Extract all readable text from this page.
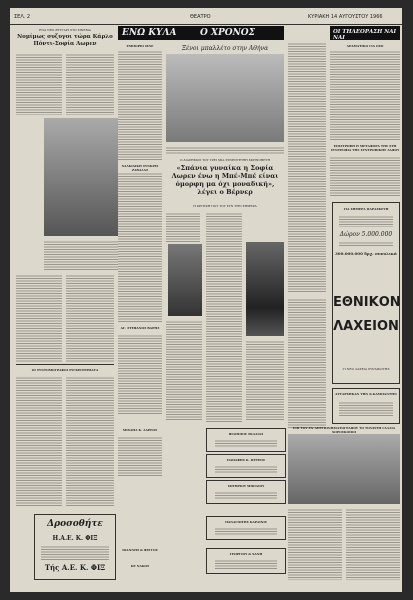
ΣΕΛ. 2	ΘΕΑΤΡΟ	ΚΥΡΙΑΚΗ 14 ΑΥΓΟΥΣΤΟΥ 1966
ΕΝΑ ΝΕΟ ΖΕΥΓΑΡΙ ΣΤΟ ΣΙΝΕΜΑ
Νομίμως συζυγοι τώρα Κάρλο Πόντι-Σοφία Λωρεν
ΟΙ ΣΥΝΤΟΜΟΓΡΑΦΟΙ ΣΥΓΚΡΟΤΗΜΑΤΑ
Δροσοθήτε
Η.Α.Ε. Κ. ΦΙΞ
Τής Α.Ε. Κ. ΦΙΞ
ΕΝΩ ΚΥΛΑ	Ο ΧΡΟΝΟΣ
ΕΜΠΟΡΙΟ ΣΙΝΕ
ΧΑΛΚΙΔΙΚΗ ΣΥΝΚΡΙΣ ΖΑΒΑΛΑΣ
ΑΓ. ΣΤΕΦΑΝΟΣ ΒΑΡΗΣ
ΜΙΧΑΗΛ Κ. ΛΑΡΕΟΣ
ΙΩΑΝΝΗΣ & ΦΕΓΓΟΣ
ΚΕ ΝΑΚΟΣ
Ξένοι μπαλλέτο στην Αθήνα
Ο ΔΙΑΣΗΜΟΣ ΤΟΥ ΤΡΕΙ ΜΙΑ ΣΥΝΕΝΤΕΥΞΗ ΣΚΗΝΟΘΕΤΗ
«Σπάνια γυναίκα η Σοφία Λωρεν ένω η Μπέ-Μπέ είναι όμορφη μα όχι μοναδική», λέγει ο Βέρνερ
Η ΚΡΙΤΙΚΗ ΠΟΥ ΤΟΥ ΣΥΝ ΤΗΝ ΣΗΜΕΡΑ
ΦΙΛΙΠΠΟΣ ΣΚΑΛΙΑΣ
ΠΑΠΑΦΗΣ Κ. ΠΕΤΡΟΣ
ΣΩΤΗΡΙΟΥ ΜΠΟΔΙΟΥ
ΠΑΝΑΓΙΩΤΗΣ ΚΑΡΑΙΝΙΣ
ΓΕΩΡΓΙΟΥ & ΧΑΝΗ
ΟΙ ΤΗΛΕΟΡΑΣΗ ΝΑΙ ΝΑΙ
ΔΡΑΜΑΤΙΚΟ ΓΙΑ ΟΣΟ
ΕΠΙΣΤΡΟΦΗ Η ΜΕΤΑΦΟΡΑ ΤΗΣ ΣΤΗ ΣΥΝΤΡΟΦΙΑ ΤΗΣ ΣΥΝΤΡΟΦΙΚΗΣ ΛΑΦΟΥ
ΓΙΑ ΣΗΜΕΡΑ ΠΑΡΑΣΚΕΥΗ
Δώρον 5.000.000
300.000.000 δρχ. συνολικά
ΕΘΝΙΚΟΝ
ΛΑΧΕΙΟΝ
ΓΙ ΝΕΟ ΛΑΧΕΙΑ ΣΥΝΔΙΚΟΤΗΣ
ΑΥΤΑΡΧΗΚΑΝ ΤΗΝ Κ.ΚΑΜΠΑΝΤΗΝ
ΕΠΙ ΤΟΥ ΕΝ ΑΕΡΙ ΚΙΝΗΜΑΤΟΓΡΑΦΟΥ ΤΟ ΤΟΝΙΣΤΗ ΓΑΛΛΙΑ ΧΟΡΟΣΚΟΠΟΙ
